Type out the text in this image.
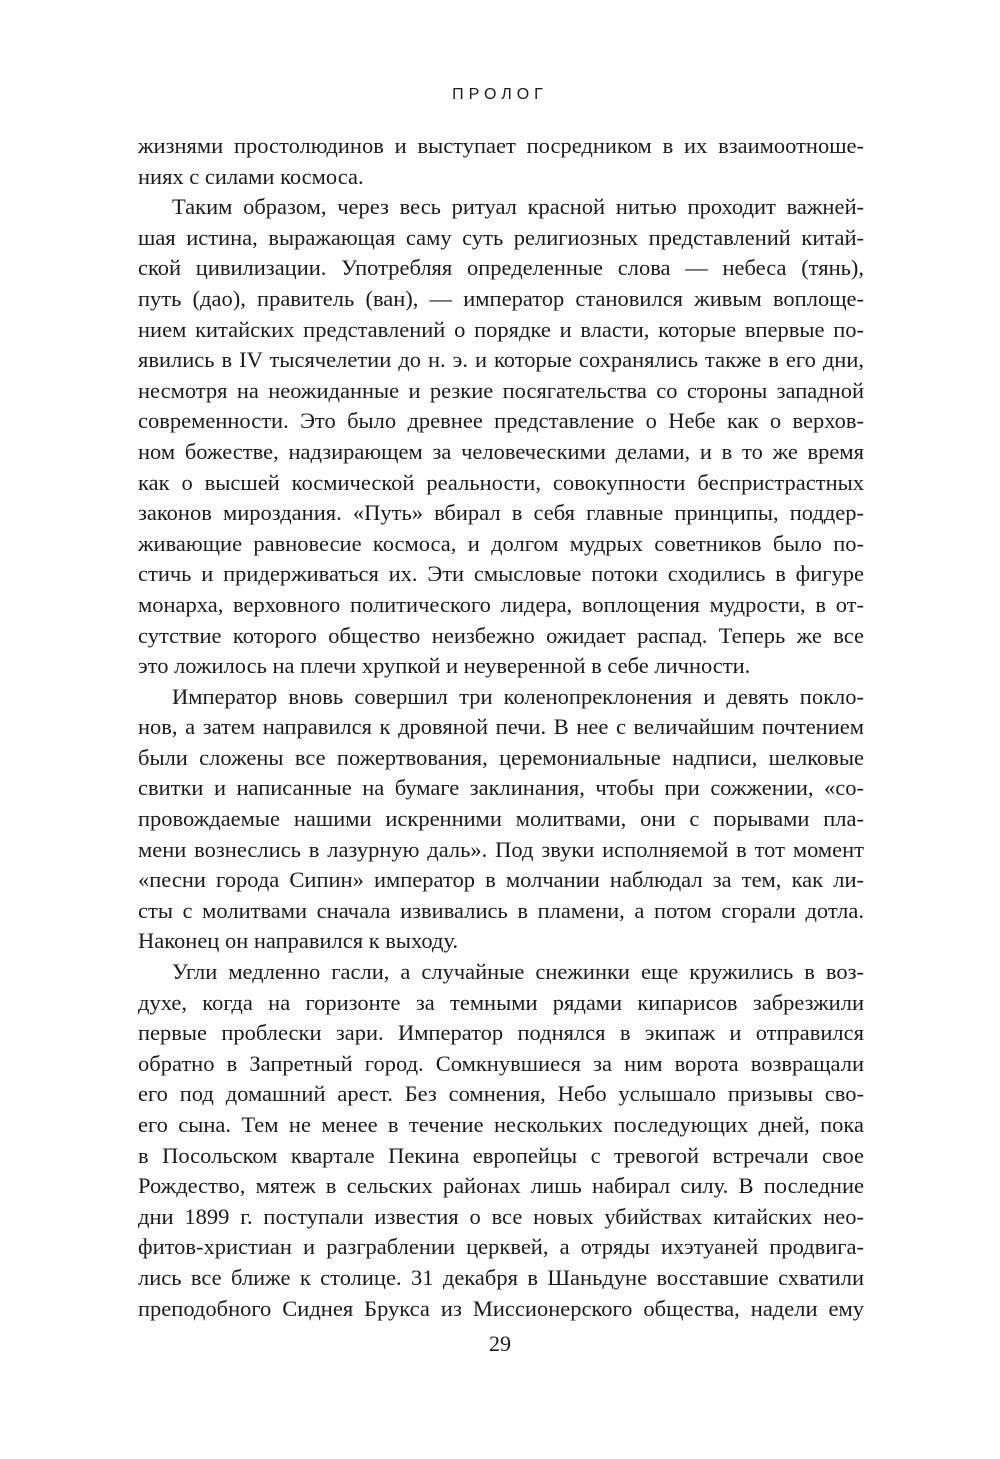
ПРОЛОГ
жизнями простолюдинов и выступает посредником в их взаимоотноше-
ниях с силами космоса.
Таким образом, через весь ритуал красной нитью проходит важней-
шая истина, выражающая саму суть религиозных представлений китай-
ской цивилизации. Употребляя определенные слова — небеса (тянь),
путь (дао), правитель (ван), — император становился живым воплоще-
нием китайских представлений о порядке и власти, которые впервые по-
явились в IV тысячелетии до н. э. и которые сохранялись также в его дни,
несмотря на неожиданные и резкие посягательства со стороны западной
современности. Это было древнее представление о Небе как о верхов-
ном божестве, надзирающем за человеческими делами, и в то же время
как о высшей космической реальности, совокупности беспристрастных
законов мироздания. «Путь» вбирал в себя главные принципы, поддер-
живающие равновесие космоса, и долгом мудрых советников было по-
стичь и придерживаться их. Эти смысловые потоки сходились в фигуре
монарха, верховного политического лидера, воплощения мудрости, в от-
сутствие которого общество неизбежно ожидает распад. Теперь же все
это ложилось на плечи хрупкой и неуверенной в себе личности.
Император вновь совершил три коленопреклонения и девять покло-
нов, а затем направился к дровяной печи. В нее с величайшим почтением
были сложены все пожертвования, церемониальные надписи, шелковые
свитки и написанные на бумаге заклинания, чтобы при сожжении, «со-
провождаемые нашими искренними молитвами, они с порывами пла-
мени вознеслись в лазурную даль». Под звуки исполняемой в тот момент
«песни города Сипин» император в молчании наблюдал за тем, как ли-
сты с молитвами сначала извивались в пламени, а потом сгорали дотла.
Наконец он направился к выходу.
Угли медленно гасли, а случайные снежинки еще кружились в воз-
духе, когда на горизонте за темными рядами кипарисов забрезжили
первые проблески зари. Император поднялся в экипаж и отправился
обратно в Запретный город. Сомкнувшиеся за ним ворота возвращали
его под домашний арест. Без сомнения, Небо услышало призывы сво-
его сына. Тем не менее в течение нескольких последующих дней, пока
в Посольском квартале Пекина европейцы с тревогой встречали свое
Рождество, мятеж в сельских районах лишь набирал силу. В последние
дни 1899 г. поступали известия о все новых убийствах китайских нео-
фитов-христиан и разграблении церквей, а отряды ихэтуаней продвига-
лись все ближе к столице. 31 декабря в Шаньдуне восставшие схватили
преподобного Сиднея Брукса из Миссионерского общества, надели ему
29
